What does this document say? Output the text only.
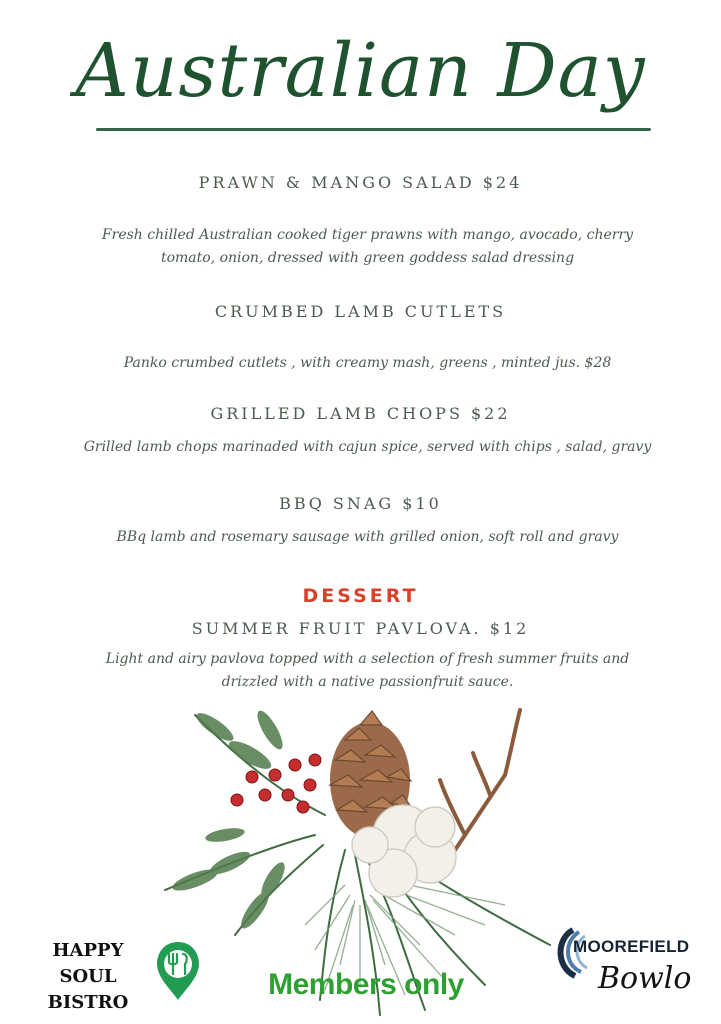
Australian Day
PRAWN & MANGO SALAD $24
Fresh chilled Australian cooked tiger prawns with mango, avocado, cherry tomato, onion, dressed with green goddess salad dressing
CRUMBED LAMB CUTLETS
Panko crumbed cutlets , with creamy mash, greens , minted jus. $28
GRILLED LAMB CHOPS $22
Grilled lamb chops marinaded with cajun spice, served with chips , salad, gravy
BBQ SNAG $10
BBq lamb and rosemary sausage with grilled onion, soft roll and gravy
DESSERT
SUMMER FRUIT PAVLOVA. $12
Light and airy pavlova topped with a selection of fresh summer fruits and drizzled with a native passionfruit sauce.
HAPPY SOUL
BISTRO
Members only
MOOREFIELD
Bowlo
